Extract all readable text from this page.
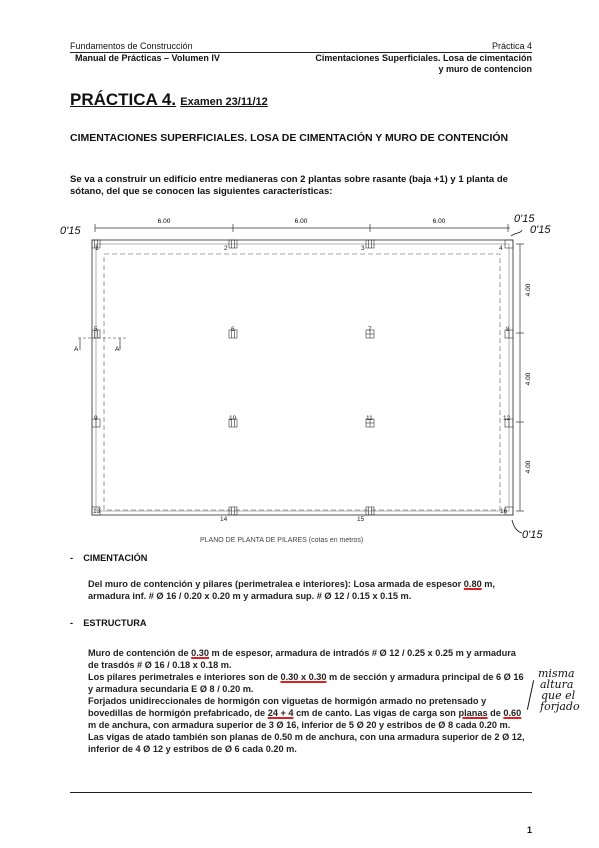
Fundamentos de Construcción
Manual de Prácticas – Volumen IV
Práctica 4
Cimentaciones Superficiales. Losa de cimentación
y muro de contencion
PRÁCTICA 4. Examen 23/11/12
CIMENTACIONES SUPERFICIALES. LOSA DE CIMENTACIÓN Y MURO DE CONTENCIÓN
Se va a construir un edificio entre medianeras con 2 plantas sobre rasante (baja +1) y 1 planta de sótano, del que se conocen las siguientes características:
6.00	6.00	6.00
4.00
4.00
4.00
A	A'
1	2	3	4
5	6	7	8
9	10	11	12
13
14	15
16
0'15
0'15
0'15
0'15
PLANO DE PLANTA DE PILARES (cotas en metros)
-    CIMENTACIÓN
Del muro de contención y pilares (perimetralea e interiores): Losa armada de espesor 0.80 m, armadura inf. # Ø 16 / 0.20 x 0.20 m y armadura sup. # Ø 12 / 0.15 x 0.15 m.
-    ESTRUCTURA
Muro de contención de 0.30 m de espesor, armadura de intradós # Ø 12 / 0.25 x 0.25 m y armadura de trasdós # Ø 16 / 0.18 x 0.18 m.
Los pilares perimetrales e interiores son de 0.30 x 0.30 m de sección y armadura principal de 6 Ø 16 y armadura secundaria E Ø 8 / 0.20 m.
Forjados unidireccionales de hormigón con viguetas de hormigón armado no pretensado y bovedillas de hormigón prefabricado, de 24 + 4 cm de canto. Las vigas de carga son planas de 0.60 m de anchura, con armadura superior de 3 Ø 16, inferior de 5 Ø 20 y estribos de Ø 8 cada 0.20 m. Las vigas de atado también son planas de 0.50 m de anchura, con una armadura superior de 2 Ø 12, inferior de 4 Ø 12 y estribos de Ø 6 cada 0.20 m.
misma
altura
que el
forjado
1
